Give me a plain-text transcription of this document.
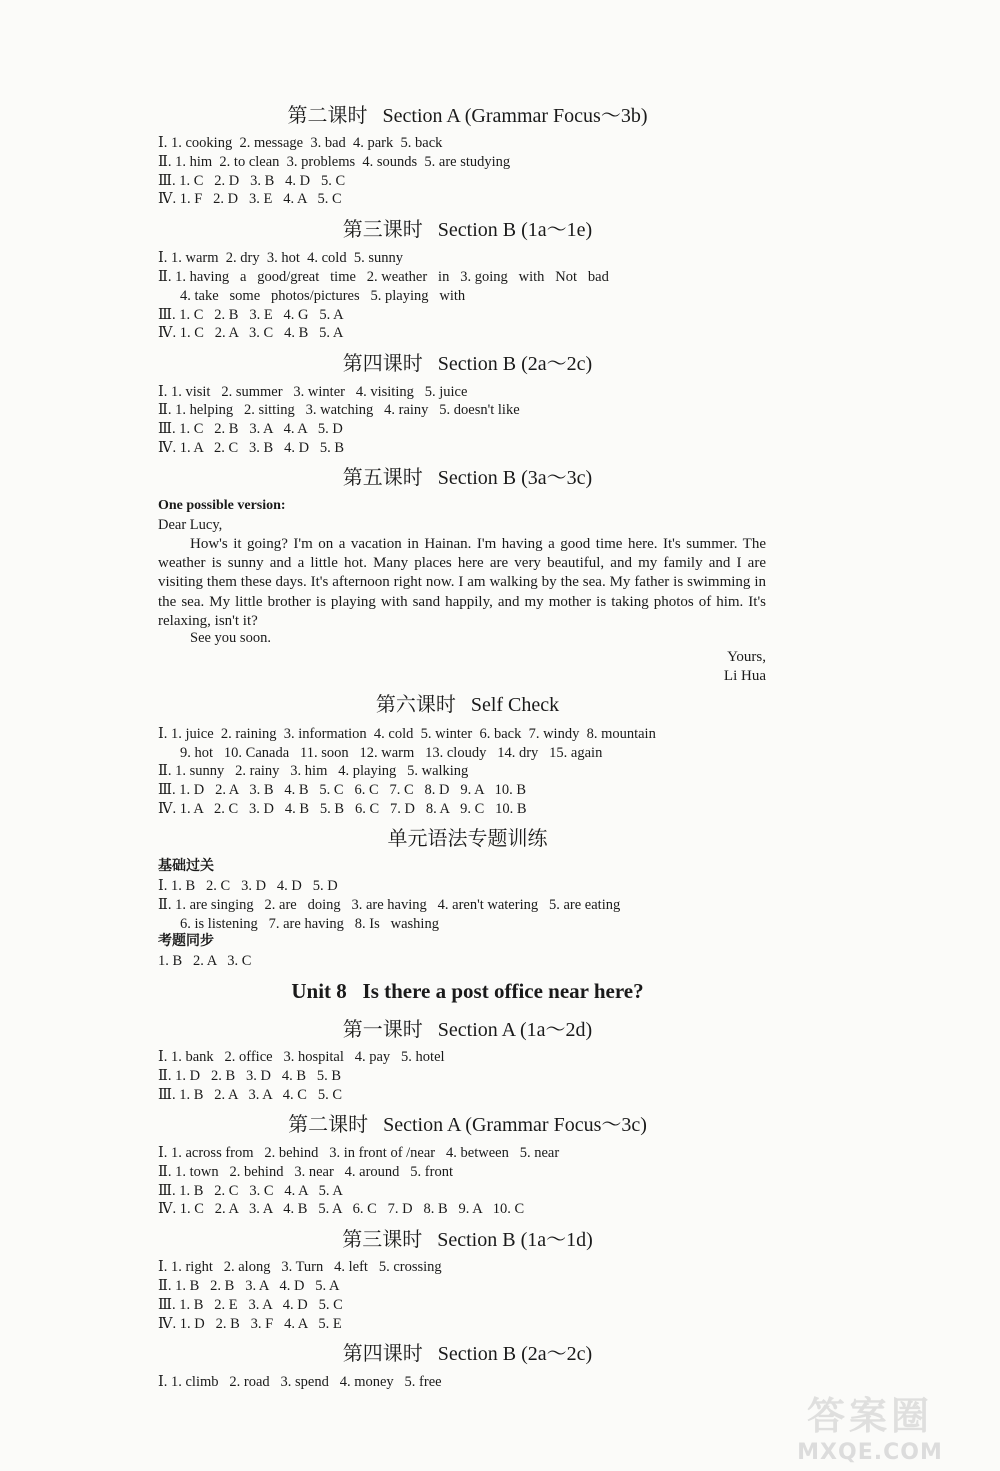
第二课时   Section A (Grammar Focus～3b)
Ⅰ. 1. cooking  2. message  3. bad  4. park  5. back
Ⅱ. 1. him  2. to clean  3. problems  4. sounds  5. are studying
Ⅲ. 1. C   2. D   3. B   4. D   5. C
Ⅳ. 1. F   2. D   3. E   4. A   5. C
第三课时   Section B (1a～1e)
Ⅰ. 1. warm  2. dry  3. hot  4. cold  5. sunny
Ⅱ. 1. having   a   good/great   time   2. weather   in   3. going   with   Not   bad
4. take   some   photos/pictures   5. playing   with
Ⅲ. 1. C   2. B   3. E   4. G   5. A
Ⅳ. 1. C   2. A   3. C   4. B   5. A
第四课时   Section B (2a～2c)
Ⅰ. 1. visit   2. summer   3. winter   4. visiting   5. juice
Ⅱ. 1. helping   2. sitting   3. watching   4. rainy   5. doesn't like
Ⅲ. 1. C   2. B   3. A   4. A   5. D
Ⅳ. 1. A   2. C   3. B   4. D   5. B
第五课时   Section B (3a～3c)
One possible version:
Dear Lucy,

How's it going? I'm on a vacation in Hainan. I'm having a good time here. It's summer. The weather is sunny and a little hot. Many places here are very beautiful, and my family and I are visiting them these days. It's afternoon right now. I am walking by the sea. My father is swimming in the sea. My little brother is playing with sand happily, and my mother is taking photos of him. It's relaxing, isn't it?

See you soon.
Yours,
Li Hua
第六课时   Self Check
Ⅰ. 1. juice  2. raining  3. information  4. cold  5. winter  6. back  7. windy  8. mountain
9. hot   10. Canada   11. soon   12. warm   13. cloudy   14. dry   15. again
Ⅱ. 1. sunny   2. rainy   3. him   4. playing   5. walking
Ⅲ. 1. D   2. A   3. B   4. B   5. C   6. C   7. C   8. D   9. A   10. B
Ⅳ. 1. A   2. C   3. D   4. B   5. B   6. C   7. D   8. A   9. C   10. B
单元语法专题训练
基础过关
Ⅰ. 1. B   2. C   3. D   4. D   5. D
Ⅱ. 1. are singing   2. are   doing   3. are having   4. aren't watering   5. are eating
6. is listening   7. are having   8. Is   washing
考题同步
1. B   2. A   3. C
Unit 8   Is there a post office near here?
第一课时   Section A (1a～2d)
Ⅰ. 1. bank   2. office   3. hospital   4. pay   5. hotel
Ⅱ. 1. D   2. B   3. D   4. B   5. B
Ⅲ. 1. B   2. A   3. A   4. C   5. C
第二课时   Section A (Grammar Focus～3c)
Ⅰ. 1. across from   2. behind   3. in front of /near   4. between   5. near
Ⅱ. 1. town   2. behind   3. near   4. around   5. front
Ⅲ. 1. B   2. C   3. C   4. A   5. A
Ⅳ. 1. C   2. A   3. A   4. B   5. A   6. C   7. D   8. B   9. A   10. C
第三课时   Section B (1a～1d)
Ⅰ. 1. right   2. along   3. Turn   4. left   5. crossing
Ⅱ. 1. B   2. B   3. A   4. D   5. A
Ⅲ. 1. B   2. E   3. A   4. D   5. C
Ⅳ. 1. D   2. B   3. F   4. A   5. E
第四课时   Section B (2a～2c)
Ⅰ. 1. climb   2. road   3. spend   4. money   5. free
答案圈
MXQE.COM
